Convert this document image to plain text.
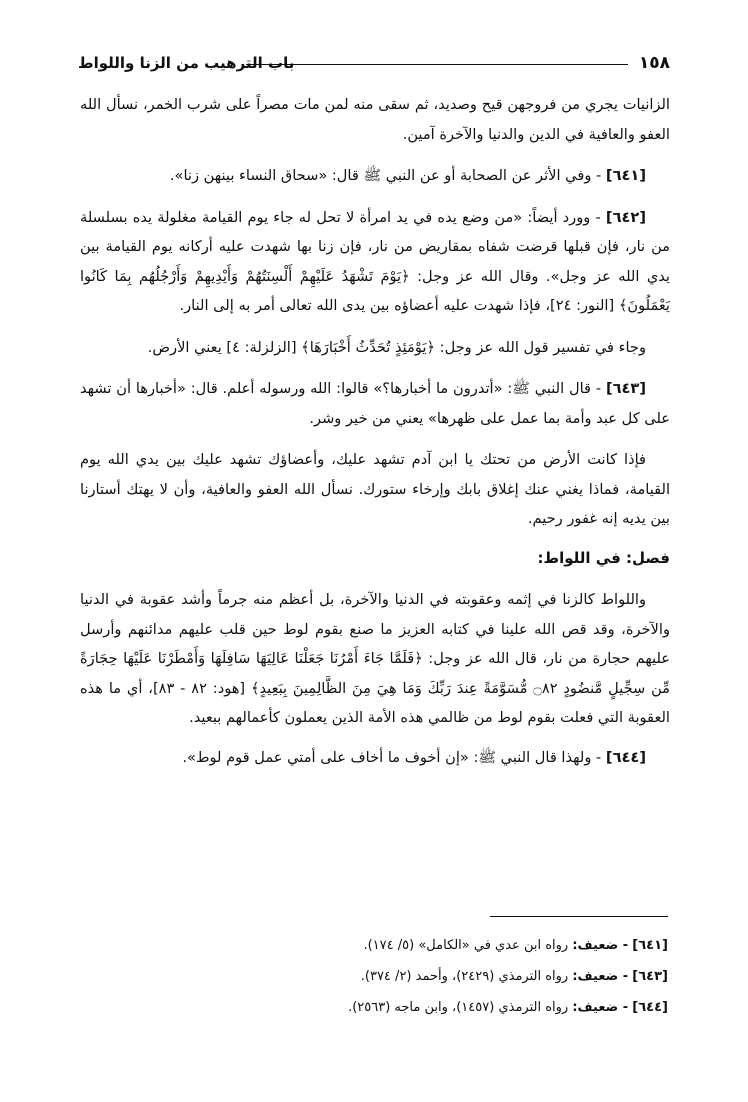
١٥٨
باب الترهيب من الزنا واللواط

الزانيات يجري من فروجهن قيح وصديد، ثم سقى منه لمن مات مصراً على شرب الخمر، نسأل الله العفو والعافية في الدين والدنيا والآخرة آمين.

[٦٤١] - وفي الأثر عن الصحابة أو عن النبي ﷺ قال: «سحاق النساء بينهن زنا».

[٦٤٢] - وورد أيضاً: «من وضع يده في يد امرأة لا تحل له جاء يوم القيامة مغلولة يده بسلسلة من نار، فإن قبلها قرضت شفاه بمقاريض من نار، فإن زنا بها شهدت عليه أركانه يوم القيامة بين يدي الله عز وجل». وقال الله عز وجل: ﴿يَوْمَ تَشْهَدُ عَلَيْهِمْ أَلْسِنَتُهُمْ وَأَيْدِيهِمْ وَأَرْجُلُهُم بِمَا كَانُوا يَعْمَلُونَ﴾ [النور: ٢٤]، فإذا شهدت عليه أعضاؤه بين يدى الله تعالى أمر به إلى النار.

وجاء في تفسير قول الله عز وجل: ﴿يَوْمَئِذٍ تُحَدِّثُ أَخْبَارَهَا﴾ [الزلزلة: ٤] يعني الأرض.

[٦٤٣] - قال النبي ﷺ: «أتدرون ما أخبارها؟» قالوا: الله ورسوله أعلم. قال: «أخبارها أن تشهد على كل عبد وأمة بما عمل على ظهرها» يعني من خير وشر.

فإذا كانت الأرض من تحتك يا ابن آدم تشهد عليك، وأعضاؤك تشهد عليك بين يدي الله يوم القيامة، فماذا يغني عنك إغلاق بابك وإرخاء ستورك. نسأل الله العفو والعافية، وأن لا يهتك أستارنا بين يديه إنه غفور رحيم.

فصل: في اللواط:

واللواط كالزنا في إثمه وعقوبته في الدنيا والآخرة، بل أعظم منه جرماً وأشد عقوبة في الدنيا والآخرة، وقد قص الله علينا في كتابه العزيز ما صنع بقوم لوط حين قلب عليهم مدائنهم وأرسل عليهم حجارة من نار، قال الله عز وجل: ﴿فَلَمَّا جَاءَ أَمْرُنَا جَعَلْنَا عَالِيَهَا سَافِلَهَا وَأَمْطَرْنَا عَلَيْهَا حِجَارَةً مِّن سِجِّيلٍ مَّنضُودٍ ۝٨٢ مُّسَوَّمَةً عِندَ رَبِّكَ وَمَا هِيَ مِنَ الظَّالِمِينَ بِبَعِيدٍ﴾ [هود: ٨٢ - ٨٣]، أي ما هذه العقوبة التي فعلت بقوم لوط من ظالمي هذه الأمة الذين يعملون كأعمالهم ببعيد.

[٦٤٤] - ولهذا قال النبي ﷺ: «إن أخوف ما أخاف على أمتي عمل قوم لوط».

[٦٤١] - ضعيف: رواه ابن عدي في «الكامل» (٥/ ١٧٤).
[٦٤٣] - ضعيف: رواه الترمذي (٢٤٢٩)، وأحمد (٢/ ٣٧٤).
[٦٤٤] - ضعيف: رواه الترمذي (١٤٥٧)، وابن ماجه (٢٥٦٣).
